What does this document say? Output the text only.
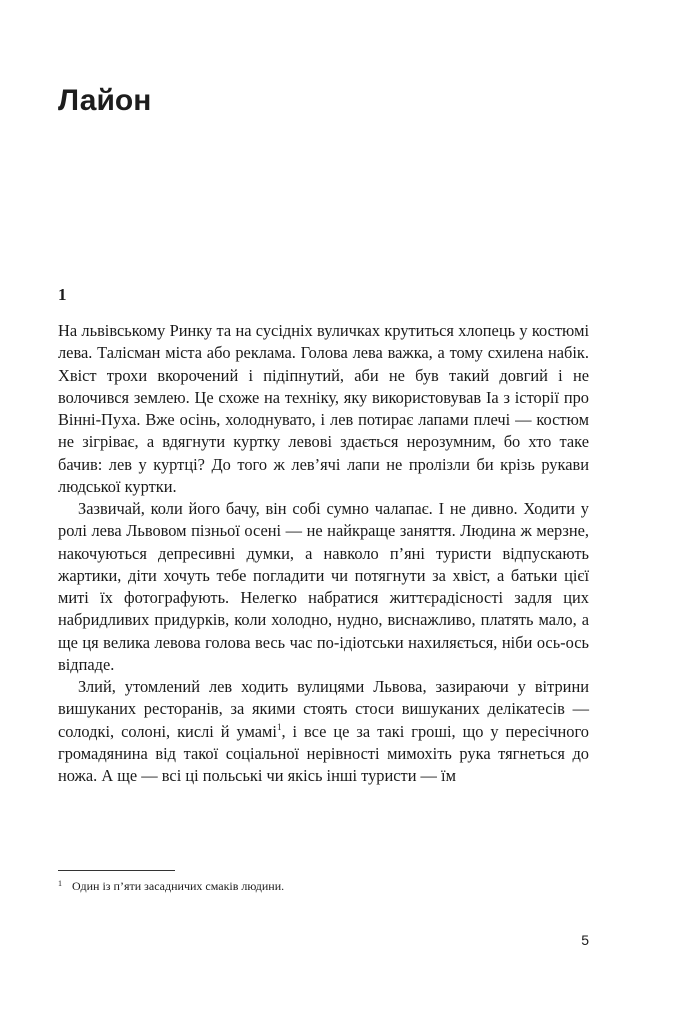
Лайон
1

На львівському Ринку та на сусідніх вуличках крутиться хлопець у костюмі лева. Талісман міста або реклама. Голова лева важка, а тому схилена набік. Хвіст трохи вкорочений і підіпнутий, аби не був такий довгий і не волочився землею. Це схоже на техніку, яку використовував Іа з історії про Вінні-Пуха. Вже осінь, холоднувато, і лев потирає лапами плечі — костюм не зігріває, а вдягнути куртку левові здається нерозумним, бо хто таке бачив: лев у куртці? До того ж лев’ячі лапи не пролізли би крізь рукави людської куртки.

Зазвичай, коли його бачу, він собі сумно чалапає. І не дивно. Ходити у ролі лева Львовом пізньої осені — не найкраще заняття. Людина ж мерзне, накочуються депресивні думки, а навколо п’яні туристи відпускають жартики, діти хочуть тебе погладити чи потягнути за хвіст, а батьки цієї миті їх фотографують. Нелегко набратися життєрадісності задля цих набридливих придурків, коли холодно, нудно, виснажливо, платять мало, а ще ця велика левова голова весь час по-ідіотськи нахиляється, ніби ось-ось відпаде.

Злий, утомлений лев ходить вулицями Львова, зазираючи у вітрини вишуканих ресторанів, за якими стоять стоси вишуканих делікатесів — солодкі, солоні, кислі й умамі$^1$, і все це за такі гроші, що у пересічного громадянина від такої соціальної нерівності мимохіть рука тягнеться до ножа. А ще — всі ці польські чи якісь інші туристи — їм

$^1$ Один із п’яти засадничих смаків людини.
5
